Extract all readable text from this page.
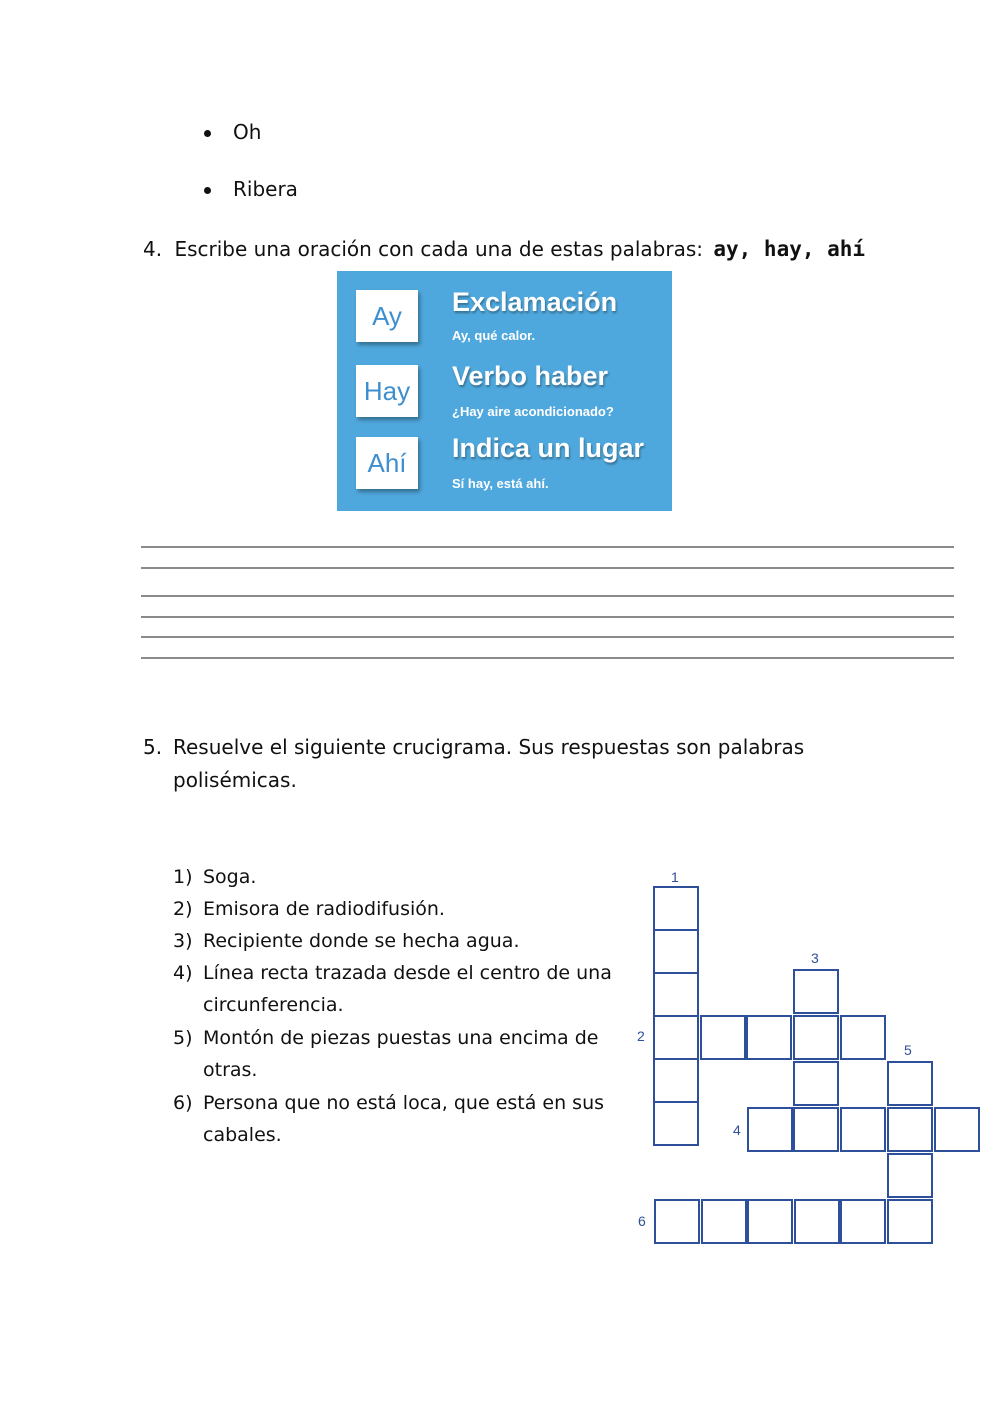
Oh
Ribera
4. Escribe una oración con cada una de estas palabras: ay, hay, ahí
Ay	Exclamación
Ay, qué calor.
Hay Verbo haber
¿Hay aire acondicionado?
Ahí	Indica un lugar
Sí hay, está ahí.
5. Resuelve el siguiente crucigrama. Sus respuestas son palabras
polisémicas.
1) Soga.
2) Emisora de radiodifusión.
3) Recipiente donde se hecha agua.
4) Línea recta trazada desde el centro de una
circunferencia.
5) Montón de piezas puestas una encima de
otras.
6) Persona que no está loca, que está en sus
cabales.
1
2
3
4
5
6
